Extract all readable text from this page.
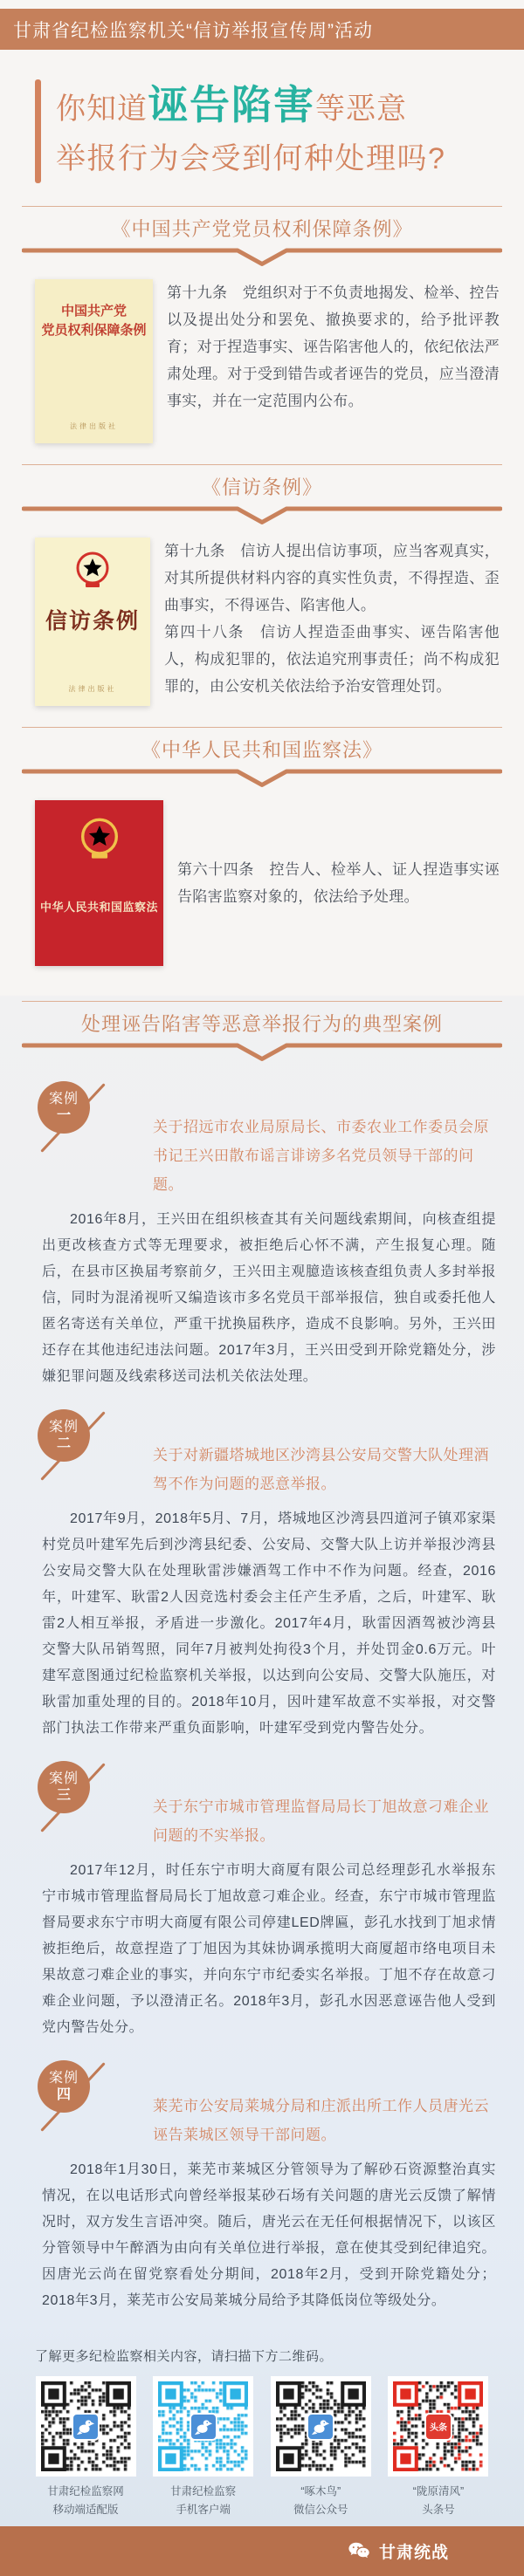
甘肃省纪检监察机关“信访举报宣传周”活动
你知道 诬告陷害 等恶意
举报行为会受到何种处理吗?
《中国共产党党员权利保障条例》
中国共产党
党员权利保障条例
法律出版社

第十九条　党组织对于不负责地揭发、检举、控告以及提出处分和罢免、撤换要求的，给予批评教育；对于捏造事实、诬告陷害他人的，依纪依法严肃处理。对于受到错告或者诬告的党员，应当澄清事实，并在一定范围内公布。

《信访条例》
信访条例
法律出版社

第十九条　信访人提出信访事项，应当客观真实，对其所提供材料内容的真实性负责，不得捏造、歪曲事实，不得诬告、陷害他人。

第四十八条　信访人捏造歪曲事实、诬告陷害他人，构成犯罪的，依法追究刑事责任；尚不构成犯罪的，由公安机关依法给予治安管理处罚。

《中华人民共和国监察法》
中华人民共和国监察法

第六十四条　控告人、检举人、证人捏造事实诬告陷害监察对象的，依法给予处理。

处理诬告陷害等恶意举报行为的典型案例
案例
一
关于招远市农业局原局长、市委农业工作委员会原书记王兴田散布谣言诽谤多名党员领导干部的问题。
2016年8月，王兴田在组织核查其有关问题线索期间，向核查组提出更改核查方式等无理要求，被拒绝后心怀不满，产生报复心理。随后，在县市区换届考察前夕，王兴田主观臆造该核查组负责人多封举报信，同时为混淆视听又编造该市多名党员干部举报信，独自或委托他人匿名寄送有关单位，严重干扰换届秩序，造成不良影响。另外，王兴田还存在其他违纪违法问题。2017年3月，王兴田受到开除党籍处分，涉嫌犯罪问题及线索移送司法机关依法处理。
案例
二
关于对新疆塔城地区沙湾县公安局交警大队处理酒驾不作为问题的恶意举报。
2017年9月，2018年5月、7月，塔城地区沙湾县四道河子镇邓家渠村党员叶建军先后到沙湾县纪委、公安局、交警大队上访并举报沙湾县公安局交警大队在处理耿雷涉嫌酒驾工作中不作为问题。经查，2016年，叶建军、耿雷2人因竞选村委会主任产生矛盾，之后，叶建军、耿雷2人相互举报，矛盾进一步激化。2017年4月，耿雷因酒驾被沙湾县交警大队吊销驾照，同年7月被判处拘役3个月，并处罚金0.6万元。叶建军意图通过纪检监察机关举报，以达到向公安局、交警大队施压，对耿雷加重处理的目的。2018年10月，因叶建军故意不实举报，对交警部门执法工作带来严重负面影响，叶建军受到党内警告处分。
案例
三
关于东宁市城市管理监督局局长丁旭故意刁难企业问题的不实举报。
2017年12月，时任东宁市明大商厦有限公司总经理彭孔水举报东宁市城市管理监督局局长丁旭故意刁难企业。经查，东宁市城市管理监督局要求东宁市明大商厦有限公司停建LED牌匾，彭孔水找到丁旭求情被拒绝后，故意捏造了丁旭因为其妹协调承揽明大商厦超市络电项目未果故意刁难企业的事实，并向东宁市纪委实名举报。丁旭不存在故意刁难企业问题，予以澄清正名。2018年3月，彭孔水因恶意诬告他人受到党内警告处分。
案例
四
莱芜市公安局莱城分局和庄派出所工作人员唐光云诬告莱城区领导干部问题。
2018年1月30日，莱芜市莱城区分管领导为了解砂石资源整治真实情况，在以电话形式向曾经举报某砂石场有关问题的唐光云反馈了解情况时，双方发生言语冲突。随后，唐光云在无任何根据情况下，以该区分管领导中午醉酒为由向有关单位进行举报，意在使其受到纪律追究。因唐光云尚在留党察看处分期间，2018年2月，受到开除党籍处分；2018年3月，莱芜市公安局莱城分局给予其降低岗位等级处分。
了解更多纪检监察相关内容，请扫描下方二维码。
甘肃纪检监察网
移动端适配版
甘肃纪检监察
手机客户端
“啄木鸟”
微信公众号
头条
“陇原清风”
头条号
甘肃统战
